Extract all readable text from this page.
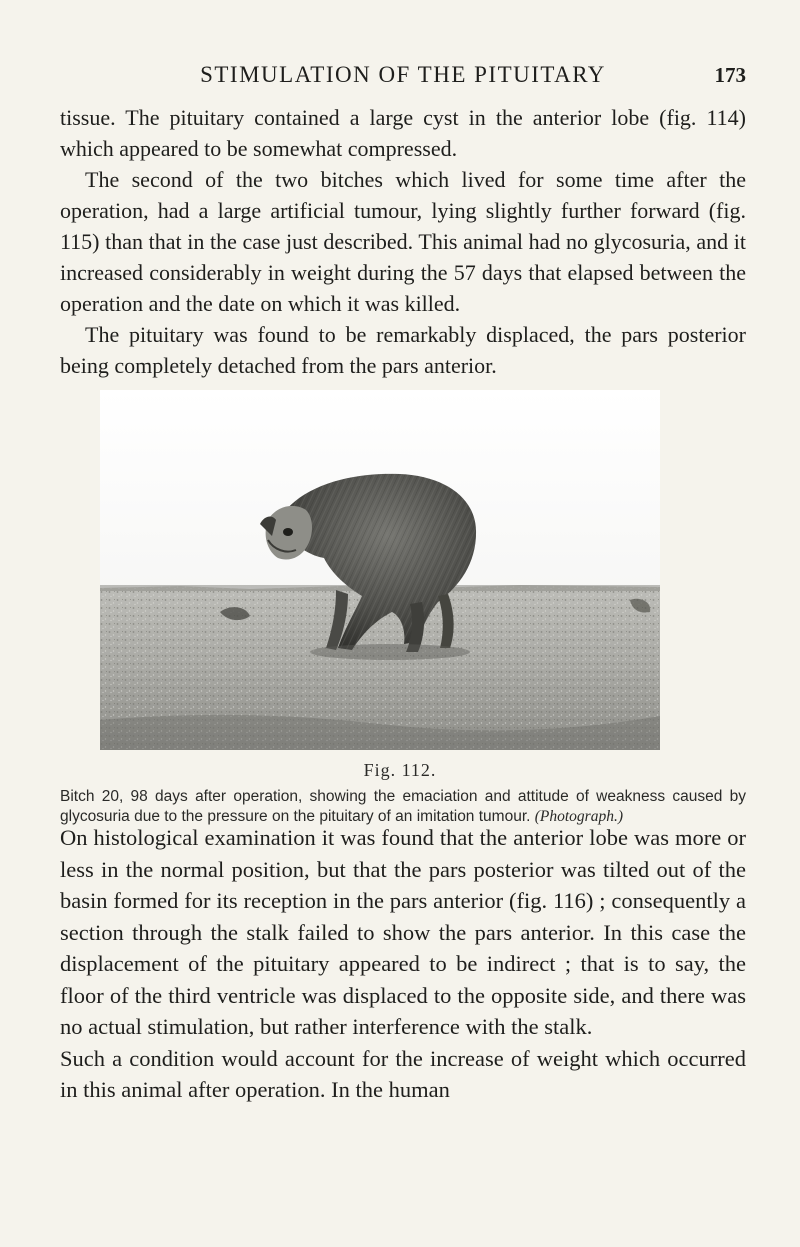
STIMULATION OF THE PITUITARY	173

tissue. The pituitary contained a large cyst in the anterior lobe (fig. 114) which appeared to be somewhat compressed.

The second of the two bitches which lived for some time after the operation, had a large artificial tumour, lying slightly further forward (fig. 115) than that in the case just described. This animal had no glycosuria, and it increased considerably in weight during the 57 days that elapsed between the operation and the date on which it was killed.

The pituitary was found to be remarkably displaced, the pars posterior being completely detached from the pars anterior.

Fig. 112.
Bitch 20, 98 days after operation, showing the emaciation and attitude of weakness caused by glycosuria due to the pressure on the pituitary of an imitation tumour. (Photograph.)

On histological examination it was found that the anterior lobe was more or less in the normal position, but that the pars posterior was tilted out of the basin formed for its reception in the pars anterior (fig. 116) ; consequently a section through the stalk failed to show the pars anterior. In this case the displacement of the pituitary appeared to be indirect ; that is to say, the floor of the third ventricle was displaced to the opposite side, and there was no actual stimulation, but rather interference with the stalk.

Such a condition would account for the increase of weight which occurred in this animal after operation. In the human
